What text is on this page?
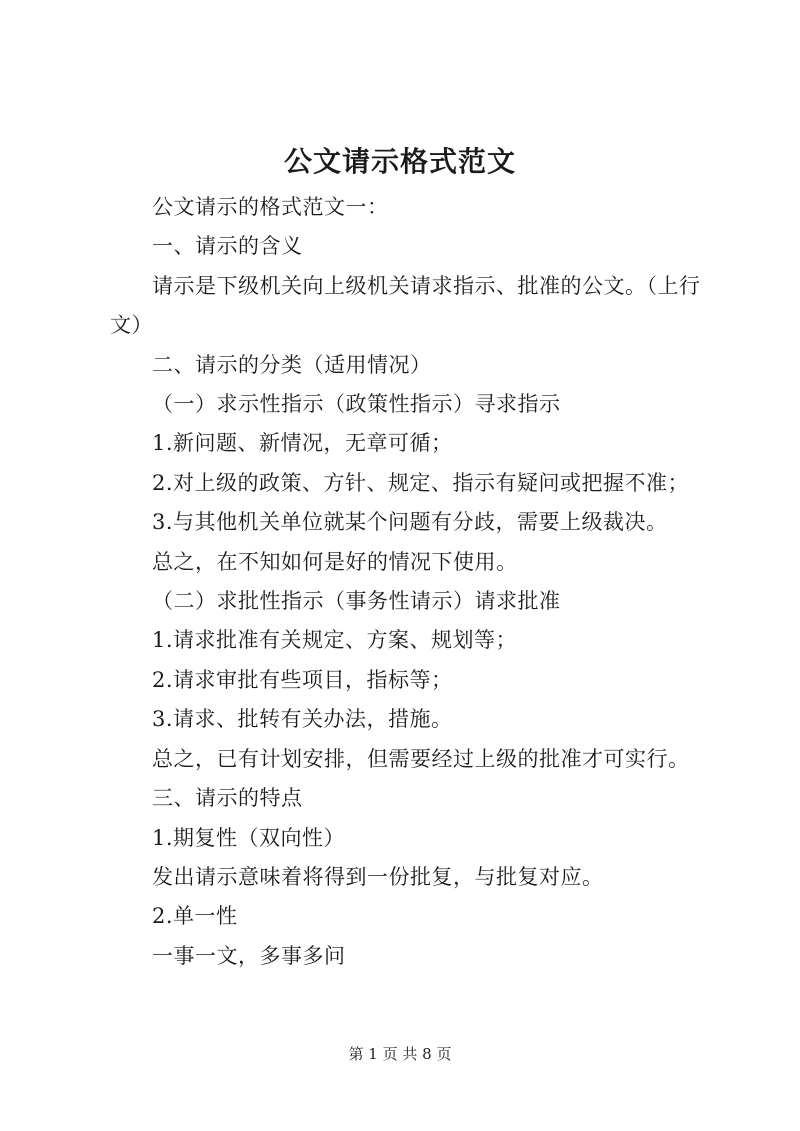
公文请示格式范文

公文请示的格式范文一：

一、请示的含义

请示是下级机关向上级机关请求指示、批准的公文。（上行文）

二、请示的分类（适用情况）

（一）求示性指示（政策性指示）寻求指示

1.新问题、新情况，无章可循；

2.对上级的政策、方针、规定、指示有疑问或把握不准；

3.与其他机关单位就某个问题有分歧，需要上级裁决。

总之，在不知如何是好的情况下使用。

（二）求批性指示（事务性请示）请求批准

1.请求批准有关规定、方案、规划等；

2.请求审批有些项目，指标等；

3.请求、批转有关办法，措施。

总之，已有计划安排，但需要经过上级的批准才可实行。

三、请示的特点

1.期复性（双向性）

发出请示意味着将得到一份批复，与批复对应。

2.单一性

一事一文，多事多问

第 1 页 共 8 页
